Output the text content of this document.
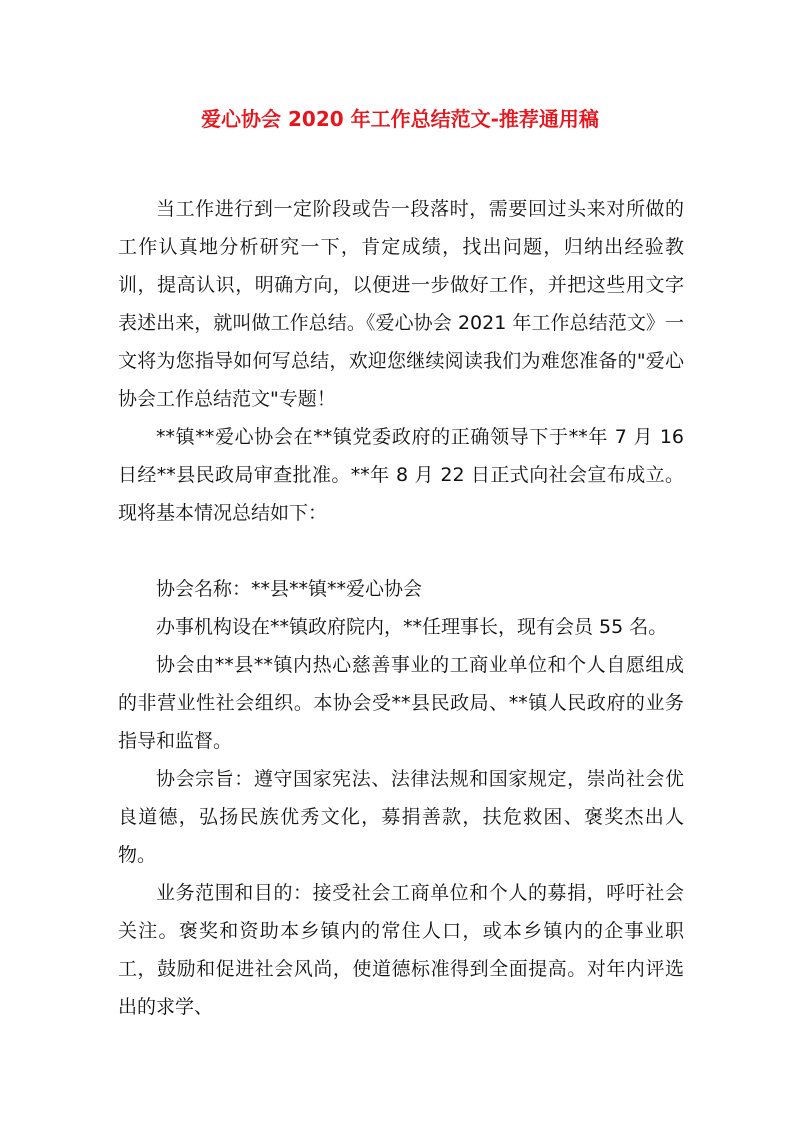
爱心协会 2020 年工作总结范文-推荐通用稿

当工作进行到一定阶段或告一段落时，需要回过头来对所做的工作认真地分析研究一下，肯定成绩，找出问题，归纳出经验教训，提高认识，明确方向，以便进一步做好工作，并把这些用文字表述出来，就叫做工作总结。《爱心协会 2021 年工作总结范文》一文将为您指导如何写总结，欢迎您继续阅读我们为难您准备的"爱心协会工作总结范文"专题！

**镇**爱心协会在**镇党委政府的正确领导下于**年 7 月 16 日经**县民政局审查批准。**年 8 月 22 日正式向社会宣布成立。现将基本情况总结如下：

协会名称：**县**镇**爱心协会

办事机构设在**镇政府院内，**任理事长，现有会员 55 名。

协会由**县**镇内热心慈善事业的工商业单位和个人自愿组成的非营业性社会组织。本协会受**县民政局、**镇人民政府的业务指导和监督。

协会宗旨：遵守国家宪法、法律法规和国家规定，崇尚社会优良道德，弘扬民族优秀文化，募捐善款，扶危救困、褒奖杰出人物。

业务范围和目的：接受社会工商单位和个人的募捐，呼吁社会关注。褒奖和资助本乡镇内的常住人口，或本乡镇内的企事业职工，鼓励和促进社会风尚，使道德标准得到全面提高。对年内评选出的求学、
